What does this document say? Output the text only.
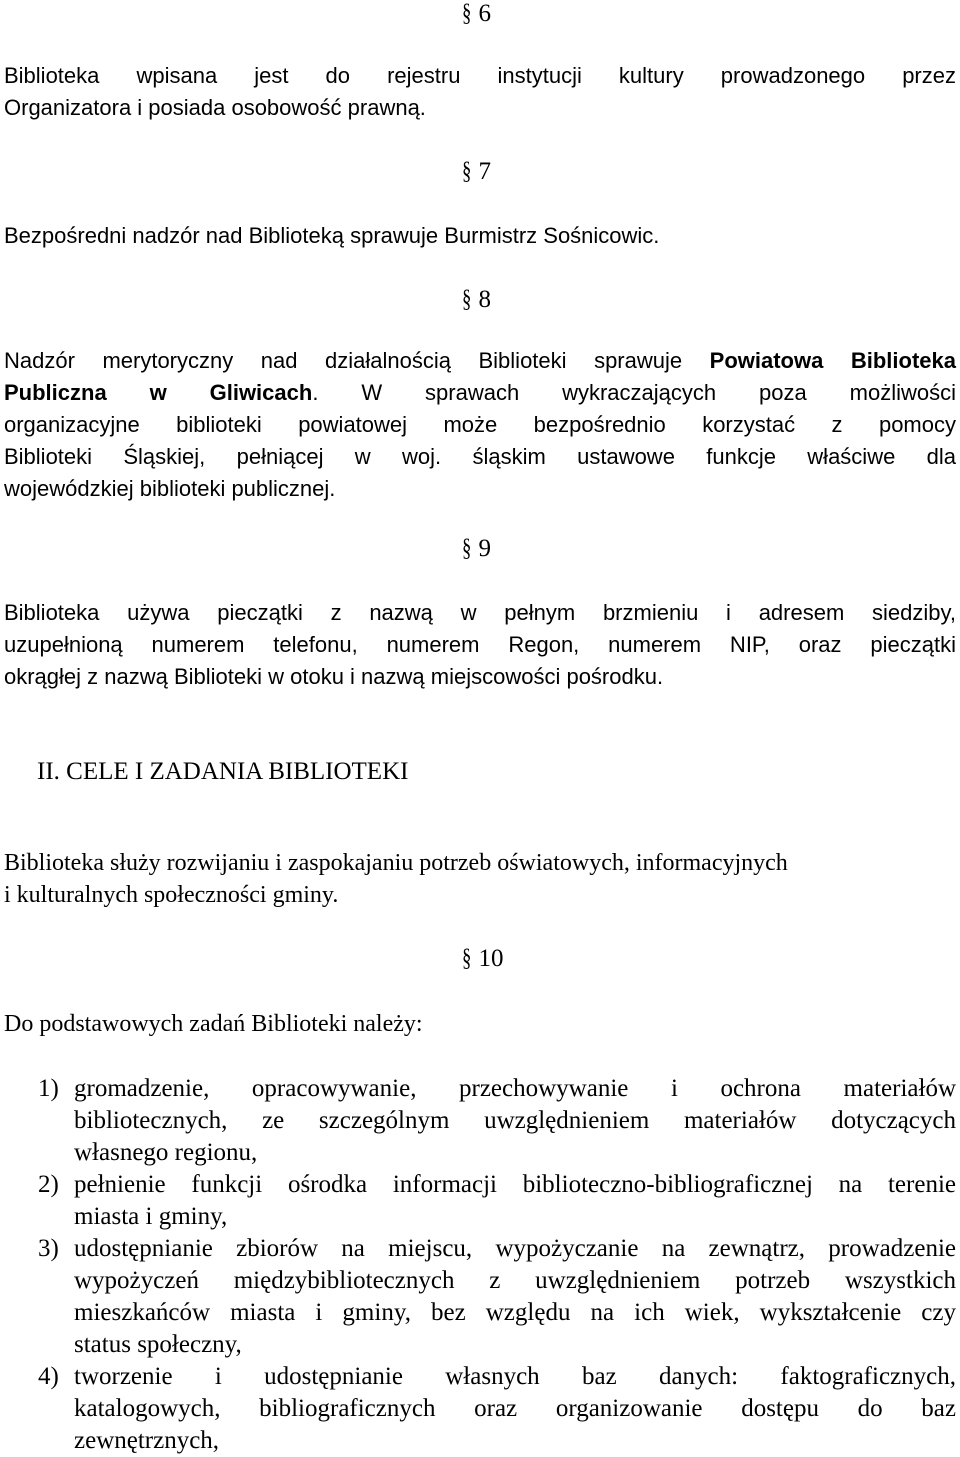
§ 6
Biblioteka wpisana jest do rejestru instytucji kultury prowadzonego przez
Organizatora i posiada osobowość prawną.
§ 7
Bezpośredni nadzór nad Biblioteką sprawuje Burmistrz Sośnicowic.
§ 8
Nadzór merytoryczny nad działalnością Biblioteki sprawuje Powiatowa Biblioteka
Publiczna w Gliwicach. W sprawach wykraczających poza możliwości
organizacyjne biblioteki powiatowej może bezpośrednio korzystać z pomocy
Biblioteki Śląskiej, pełniącej w woj. śląskim ustawowe funkcje właściwe dla
wojewódzkiej biblioteki publicznej.
§ 9
Biblioteka używa pieczątki z nazwą w pełnym brzmieniu i adresem siedziby,
uzupełnioną numerem telefonu, numerem Regon, numerem NIP, oraz pieczątki
okrągłej z nazwą Biblioteki w otoku i nazwą miejscowości pośrodku.
II. CELE I ZADANIA BIBLIOTEKI
Biblioteka służy rozwijaniu i zaspokajaniu potrzeb oświatowych, informacyjnych
i kulturalnych społeczności gminy.
§ 10
Do podstawowych zadań Biblioteki należy:
1) gromadzenie, opracowywanie, przechowywanie i ochrona materiałów
bibliotecznych, ze szczególnym uwzględnieniem materiałów dotyczących
własnego regionu,
2) pełnienie funkcji ośrodka informacji biblioteczno-bibliograficznej na terenie
miasta i gminy,
3) udostępnianie zbiorów na miejscu, wypożyczanie na zewnątrz, prowadzenie
wypożyczeń międzybibliotecznych z uwzględnieniem potrzeb wszystkich
mieszkańców miasta i gminy, bez względu na ich wiek, wykształcenie czy
status społeczny,
4) tworzenie i udostępnianie własnych baz danych: faktograficznych,
katalogowych, bibliograficznych oraz organizowanie dostępu do baz
zewnętrznych,
